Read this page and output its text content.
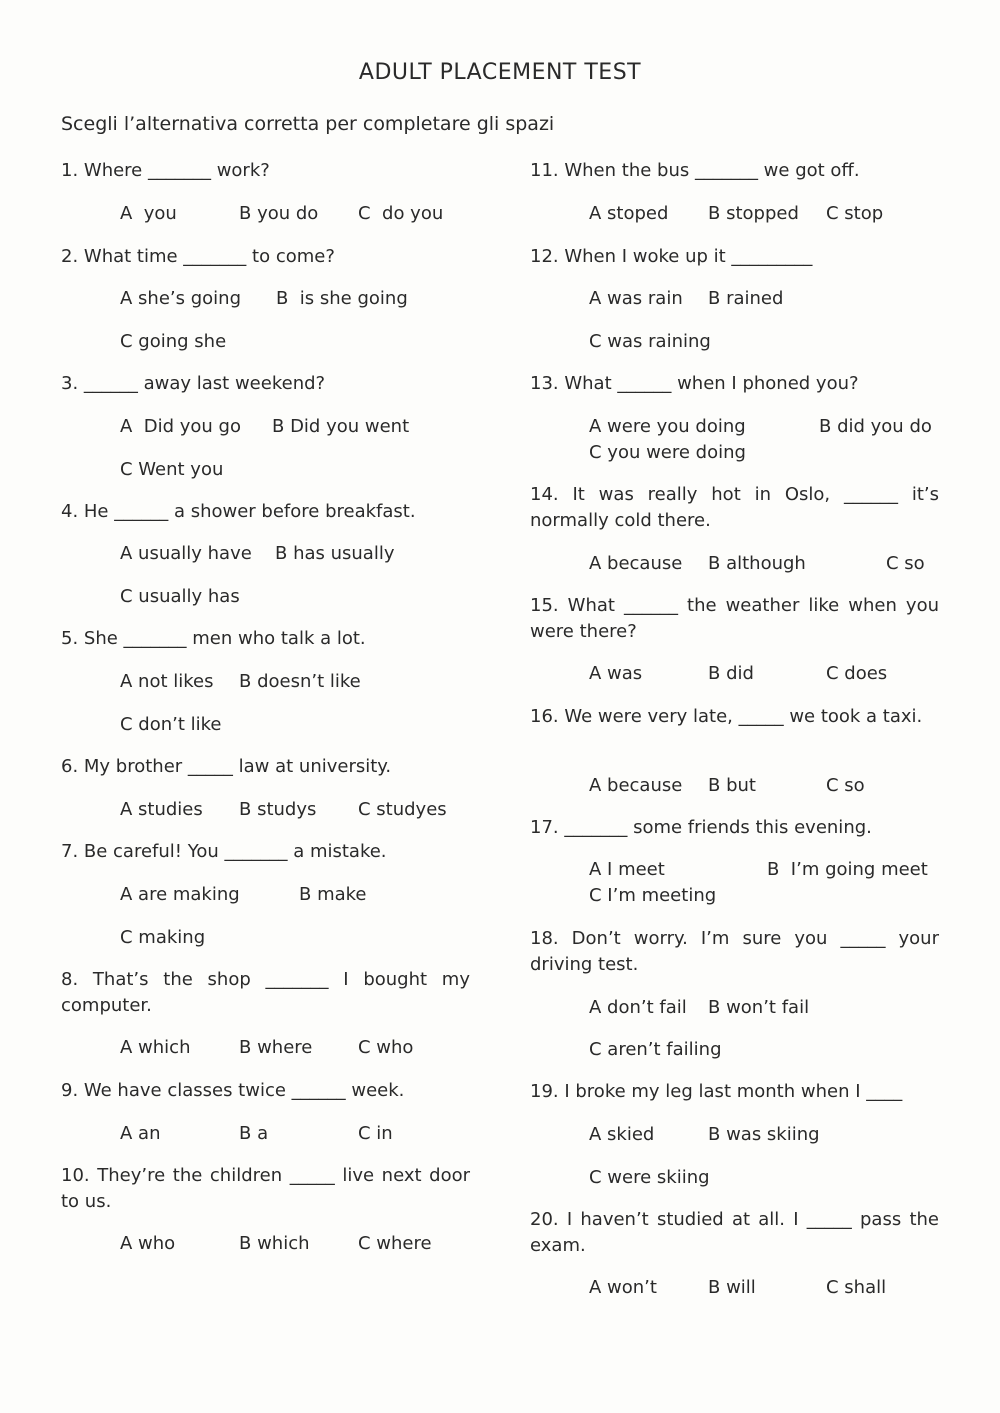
ADULT PLACEMENT TEST
Scegli l’alternativa corretta per completare gli spazi
1. Where _______ work?
A  you	B you do C  do you
2. What time _______ to come?
A she’s going B  is she going
C going she
3. ______ away last weekend?
A  Did you go B Did you went
C Went you
4. He ______ a shower before breakfast.
A usually have B has usually
C usually has
5. She _______ men who talk a lot.
A not likes B doesn’t like
C don’t like
6. My brother _____ law at university.
A studies B studys C studyes
7. Be careful! You _______ a mistake.
A are making	B make
C making
8. That’s the shop _______ I bought my computer.
A which	B where	C who
9. We have classes twice ______ week.
A an	B a	C in
10. They’re the children _____ live next door to us.
A who	B which	C where
11. When the bus _______ we got off.
A stoped B stopped C stop
12. When I woke up it _________
A was rain B rained
C was raining
13. What ______ when I phoned you?
A were you doing	B did you do
C you were doing
14. It was really hot in Oslo, ______ it’s normally cold there.
A because B although	C so
15. What ______ the weather like when you were there?
A was	B did	C does
16. We were very late, _____ we took a taxi.
A because B but	C so
17. _______ some friends this evening.
A I meet	B  I’m going meet
C I’m meeting
18. Don’t worry. I’m sure you _____ your driving test.
A don’t fail B won’t fail
C aren’t failing
19. I broke my leg last month when I ____
A skied	B was skiing
C were skiing
20. I haven’t studied at all. I _____ pass the exam.
A won’t	B will	C shall
